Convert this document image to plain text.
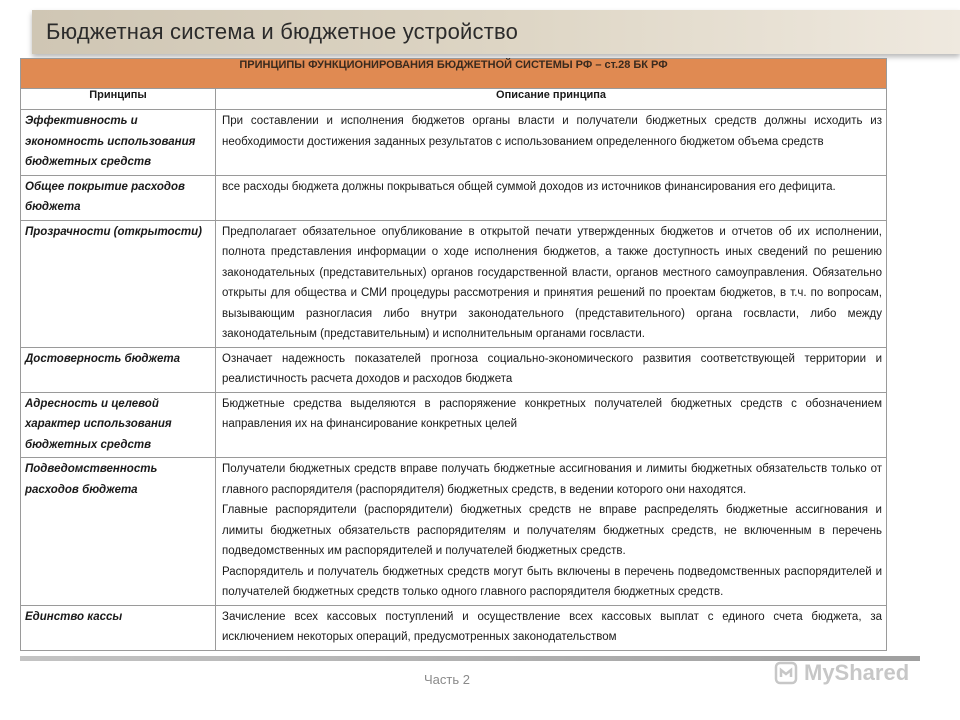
Бюджетная система и бюджетное устройство
ПРИНЦИПЫ ФУНКЦИОНИРОВАНИЯ БЮДЖЕТНОЙ СИСТЕМЫ РФ – ст.28 БК РФ	
Принципы	Описание принципа
Эффективность и экономность использования бюджетных средств	При составлении и исполнения бюджетов органы власти и получатели бюджетных средств должны исходить из необходимости достижения заданных результатов с использованием определенного бюджетом объема средств

Общее покрытие расходов бюджета	все расходы бюджета должны покрываться общей суммой доходов из источников финансирования его дефицита.

Прозрачности (открытости)	Предполагает обязательное опубликование в открытой печати утвержденных бюджетов и отчетов об их исполнении, полнота представления информации о ходе исполнения бюджетов, а также доступность иных сведений по решению законодательных (представительных) органов государственной власти, органов местного самоуправления. Обязательно открыты для общества и СМИ процедуры рассмотрения и принятия решений по проектам бюджетов, в т.ч. по вопросам, вызывающим разногласия либо внутри законодательного (представительного) органа госвласти, либо между законодательным (представительным) и исполнительным органами госвласти.

Достоверность бюджета	Означает надежность показателей прогноза социально-экономического развития соответствующей территории и реалистичность расчета доходов и расходов бюджета

Адресность и целевой характер использования бюджетных средств	Бюджетные средства выделяются в распоряжение конкретных получателей бюджетных средств с обозначением направления их на финансирование конкретных целей

Подведомственность расходов бюджета	Получатели бюджетных средств вправе получать бюджетные ассигнования и лимиты бюджетных обязательств только от главного распорядителя (распорядителя) бюджетных средств, в ведении которого они находятся.

Главные распорядители (распорядители) бюджетных средств не вправе распределять бюджетные ассигнования и лимиты бюджетных обязательств распорядителям и получателям бюджетных средств, не включенным в перечень подведомственных им распорядителей и получателей бюджетных средств.

Распорядитель и получатель бюджетных средств могут быть включены в перечень подведомственных распорядителей и получателей бюджетных средств только одного главного распорядителя бюджетных средств.

Единство кассы	Зачисление всех кассовых поступлений и осуществление всех кассовых выплат с единого счета бюджета, за исключением некоторых операций, предусмотренных законодательством

Часть 2	MyShared
